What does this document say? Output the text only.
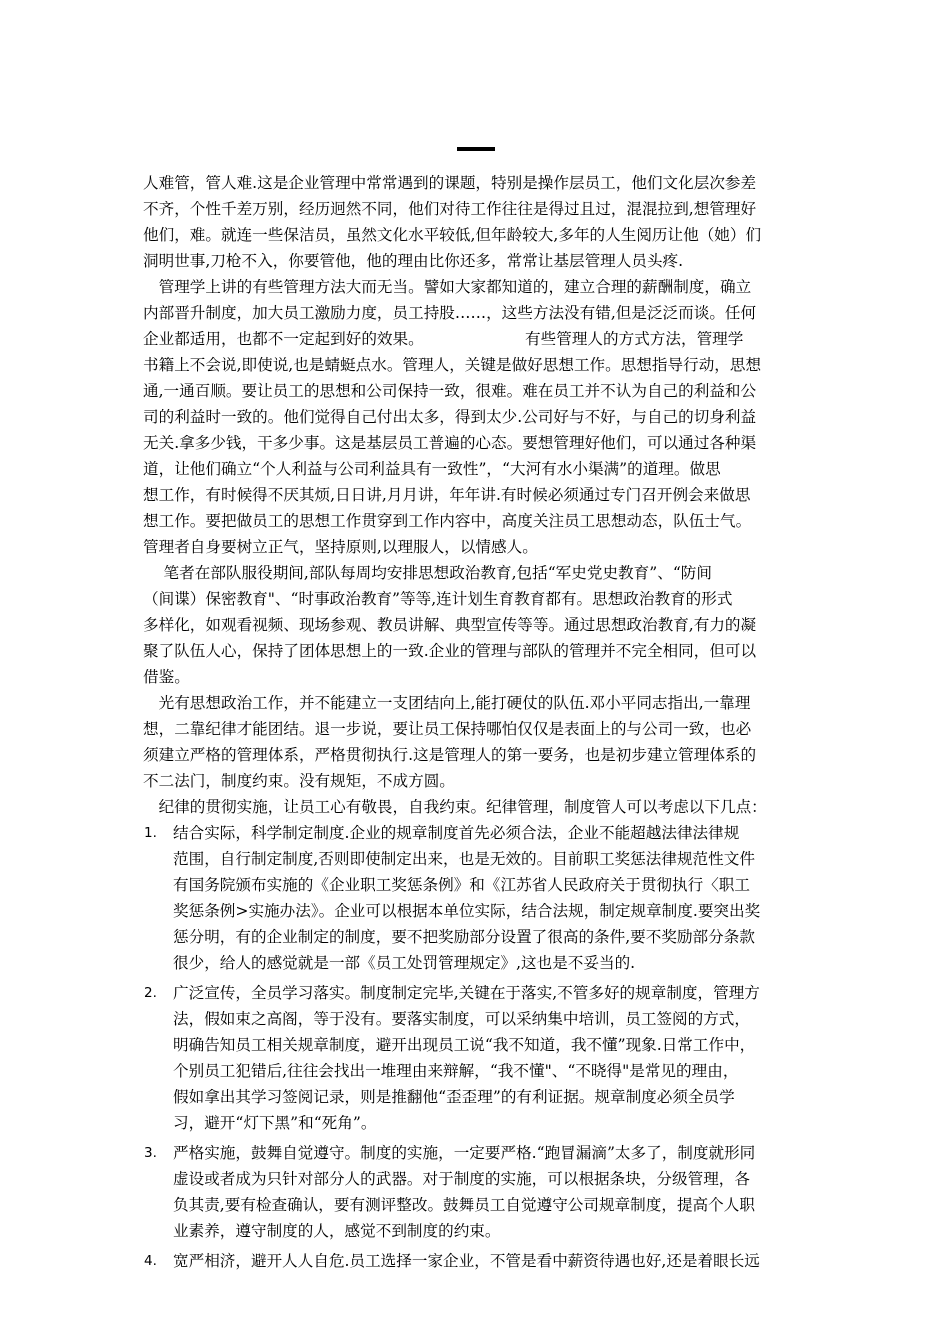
人难管，管人难.这是企业管理中常常遇到的课题，特别是操作层员工，他们文化层次参差
不齐，个性千差万别，经历迥然不同，他们对待工作往往是得过且过，混混拉到,想管理好
他们，难。就连一些保洁员，虽然文化水平较低,但年龄较大,多年的人生阅历让他（她）们
洞明世事,刀枪不入，你要管他，他的理由比你还多，常常让基层管理人员头疼.
　管理学上讲的有些管理方法大而无当。譬如大家都知道的，建立合理的薪酬制度，确立
内部晋升制度，加大员工激励力度，员工持股……，这些方法没有错,但是泛泛而谈。任何
企业都适用，也都不一定起到好的效果。　　　　　　　有些管理人的方式方法，管理学
书籍上不会说,即使说,也是蜻蜓点水。管理人，关键是做好思想工作。思想指导行动，思想
通,一通百顺。要让员工的思想和公司保持一致，很难。难在员工并不认为自己的利益和公
司的利益时一致的。他们觉得自己付出太多，得到太少.公司好与不好，与自己的切身利益
无关.拿多少钱，干多少事。这是基层员工普遍的心态。要想管理好他们，可以通过各种渠
道，让他们确立“个人利益与公司利益具有一致性”，“大河有水小渠满”的道理。做思
想工作，有时候得不厌其烦,日日讲,月月讲，年年讲.有时候必须通过专门召开例会来做思
想工作。要把做员工的思想工作贯穿到工作内容中，高度关注员工思想动态，队伍士气。
管理者自身要树立正气，坚持原则,以理服人，以情感人。
　 笔者在部队服役期间,部队每周均安排思想政治教育,包括“军史党史教育”、“防间
（间谍）保密教育"、“时事政治教育”等等,连计划生育教育都有。思想政治教育的形式
多样化，如观看视频、现场参观、教员讲解、典型宣传等等。通过思想政治教育,有力的凝
聚了队伍人心，保持了团体思想上的一致.企业的管理与部队的管理并不完全相同，但可以
借鉴。
　光有思想政治工作，并不能建立一支团结向上,能打硬仗的队伍.邓小平同志指出,一靠理
想，二靠纪律才能团结。退一步说，要让员工保持哪怕仅仅是表面上的与公司一致，也必
须建立严格的管理体系，严格贯彻执行.这是管理人的第一要务，也是初步建立管理体系的
不二法门，制度约束。没有规矩，不成方圆。
　纪律的贯彻实施，让员工心有敬畏，自我约束。纪律管理，制度管人可以考虑以下几点：
1. 结合实际，科学制定制度.企业的规章制度首先必须合法，企业不能超越法律法律规
范围，自行制定制度,否则即使制定出来，也是无效的。目前职工奖惩法律规范性文件
有国务院颁布实施的《企业职工奖惩条例》和《江苏省人民政府关于贯彻执行〈职工
奖惩条例>实施办法》。企业可以根据本单位实际，结合法规，制定规章制度.要突出奖
惩分明，有的企业制定的制度，要不把奖励部分设置了很高的条件,要不奖励部分条款
很少，给人的感觉就是一部《员工处罚管理规定》,这也是不妥当的.
2. 广泛宣传，全员学习落实。制度制定完毕,关键在于落实,不管多好的规章制度，管理方
法，假如束之高阁，等于没有。要落实制度，可以采纳集中培训，员工签阅的方式，
明确告知员工相关规章制度，避开出现员工说“我不知道，我不懂”现象.日常工作中，
个别员工犯错后,往往会找出一堆理由来辩解，“我不懂"、“不晓得"是常见的理由，
假如拿出其学习签阅记录，则是推翻他“歪歪理”的有利证据。规章制度必须全员学
习，避开“灯下黑”和“死角”。
3. 严格实施，鼓舞自觉遵守。制度的实施，一定要严格.“跑冒漏滴”太多了，制度就形同
虚设或者成为只针对部分人的武器。对于制度的实施，可以根据条块，分级管理，各
负其责,要有检查确认，要有测评整改。鼓舞员工自觉遵守公司规章制度，提高个人职
业素养，遵守制度的人，感觉不到制度的约束。
4. 宽严相济，避开人人自危.员工选择一家企业，不管是看中薪资待遇也好,还是着眼长远
